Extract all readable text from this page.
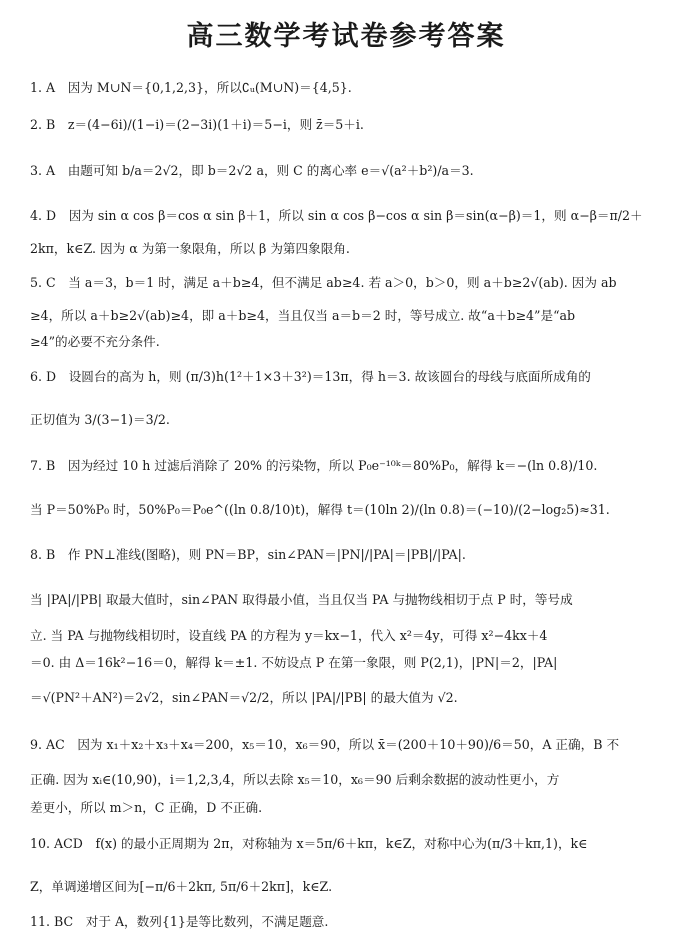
高三数学考试卷参考答案
1. A　因为 M∪N＝{0,1,2,3}，所以∁ᵤ(M∪N)＝{4,5}.
2. B　z＝(4−6i)/(1−i)＝(2−3i)(1＋i)＝5−i，则 z̄＝5＋i.
3. A　由题可知 b/a＝2√2，即 b＝2√2 a，则 C 的离心率 e＝√(a²＋b²)/a＝3.
4. D　因为 sin α cos β＝cos α sin β＋1，所以 sin α cos β−cos α sin β＝sin(α−β)＝1，则 α−β＝π/2＋
2kπ，k∈Z. 因为 α 为第一象限角，所以 β 为第四象限角.
5. C　当 a＝3，b＝1 时，满足 a＋b≥4，但不满足 ab≥4. 若 a＞0，b＞0，则 a＋b≥2√(ab). 因为 ab
≥4，所以 a＋b≥2√(ab)≥4，即 a＋b≥4，当且仅当 a＝b＝2 时，等号成立. 故“a＋b≥4”是“ab
≥4”的必要不充分条件.
6. D　设圆台的高为 h，则 (π/3)h(1²＋1×3＋3²)＝13π，得 h＝3. 故该圆台的母线与底面所成角的
正切值为 3/(3−1)＝3/2.
7. B　因为经过 10 h 过滤后消除了 20% 的污染物，所以 P₀e⁻¹⁰ᵏ＝80%P₀，解得 k＝−(ln 0.8)/10.
当 P＝50%P₀ 时，50%P₀＝P₀e^((ln 0.8/10)t)，解得 t＝(10ln 2)/(ln 0.8)＝(−10)/(2−log₂5)≈31.
8. B　作 PN⊥准线(图略)，则 PN＝BP，sin∠PAN＝|PN|/|PA|＝|PB|/|PA|.
当 |PA|/|PB| 取最大值时，sin∠PAN 取得最小值，当且仅当 PA 与抛物线相切于点 P 时，等号成
立. 当 PA 与抛物线相切时，设直线 PA 的方程为 y＝kx−1，代入 x²＝4y，可得 x²−4kx＋4
＝0. 由 Δ＝16k²−16＝0，解得 k＝±1. 不妨设点 P 在第一象限，则 P(2,1)，|PN|＝2，|PA|
＝√(PN²＋AN²)＝2√2，sin∠PAN＝√2/2，所以 |PA|/|PB| 的最大值为 √2.
9. AC　因为 x₁＋x₂＋x₃＋x₄＝200，x₅＝10，x₆＝90，所以 x̄＝(200＋10＋90)/6＝50，A 正确，B 不
正确. 因为 xᵢ∈(10,90)，i＝1,2,3,4，所以去除 x₅＝10，x₆＝90 后剩余数据的波动性更小，方
差更小，所以 m＞n，C 正确，D 不正确.
10. ACD　f(x) 的最小正周期为 2π，对称轴为 x＝5π/6＋kπ，k∈Z，对称中心为(π/3＋kπ,1)，k∈
Z，单调递增区间为[−π/6＋2kπ, 5π/6＋2kπ]，k∈Z.
11. BC　对于 A，数列{1}是等比数列，不满足题意.
